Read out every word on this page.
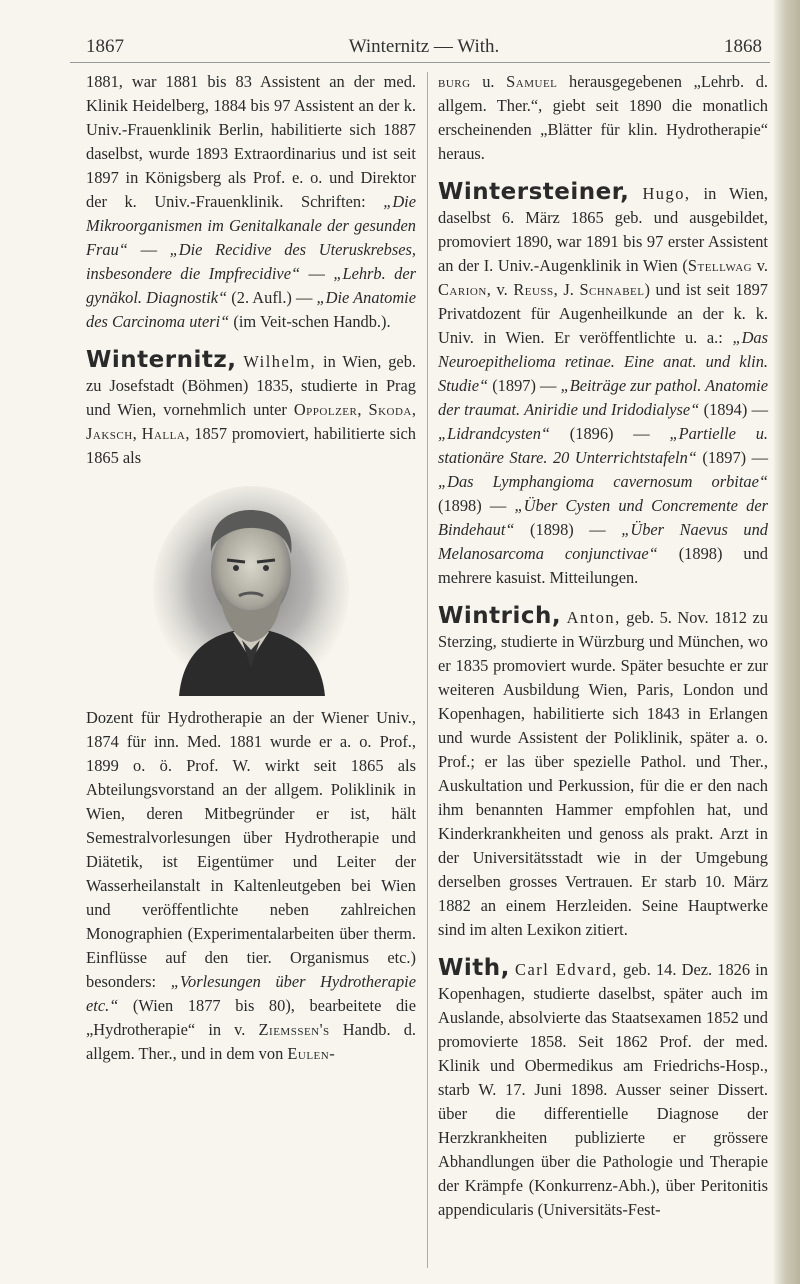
1867	Winternitz — With.	1868

1881, war 1881 bis 83 Assistent an der med. Klinik Heidelberg, 1884 bis 97 Assistent an der k. Univ.-Frauenklinik Berlin, habilitierte sich 1887 daselbst, wurde 1893 Extraordinarius und ist seit 1897 in Königsberg als Prof. e. o. und Direktor der k. Univ.-Frauenklinik. Schriften: „Die Mikroorganismen im Genitalkanale der gesunden Frau“ — „Die Recidive des Uteruskrebses, insbesondere die Impfrecidive“ — „Lehrb. der gynäkol. Diagnostik“ (2. Aufl.) — „Die Anatomie des Carcinoma uteri“ (im Veit-schen Handb.).

Winternitz, Wilhelm, in Wien, geb. zu Josefstadt (Böhmen) 1835, studierte in Prag und Wien, vornehmlich unter Oppolzer, Skoda, Jaksch, Halla, 1857 promoviert, habilitierte sich 1865 als

Dozent für Hydrotherapie an der Wiener Univ., 1874 für inn. Med. 1881 wurde er a. o. Prof., 1899 o. ö. Prof. W. wirkt seit 1865 als Abteilungsvorstand an der allgem. Poliklinik in Wien, deren Mitbegründer er ist, hält Semestralvorlesungen über Hydrotherapie und Diätetik, ist Eigentümer und Leiter der Wasserheilanstalt in Kaltenleutgeben bei Wien und veröffentlichte neben zahlreichen Monographien (Experimentalarbeiten über therm. Einflüsse auf den tier. Organismus etc.) besonders: „Vorlesungen über Hydrotherapie etc.“ (Wien 1877 bis 80), bearbeitete die „Hydrotherapie“ in v. Ziemssen's Handb. d. allgem. Ther., und in dem von Eulen-

burg u. Samuel herausgegebenen „Lehrb. d. allgem. Ther.“, giebt seit 1890 die monatlich erscheinenden „Blätter für klin. Hydrotherapie“ heraus.

Wintersteiner, Hugo, in Wien, daselbst 6. März 1865 geb. und ausgebildet, promoviert 1890, war 1891 bis 97 erster Assistent an der I. Univ.-Augenklinik in Wien (Stellwag v. Carion, v. Reuss, J. Schnabel) und ist seit 1897 Privatdozent für Augenheilkunde an der k. k. Univ. in Wien. Er veröffentlichte u. a.: „Das Neuroepithelioma retinae. Eine anat. und klin. Studie“ (1897) — „Beiträge zur pathol. Anatomie der traumat. Aniridie und Iridodialyse“ (1894) — „Lidrandcysten“ (1896) — „Partielle u. stationäre Stare. 20 Unterrichtstafeln“ (1897) — „Das Lymphangioma cavernosum orbitae“ (1898) — „Über Cysten und Concremente der Bindehaut“ (1898) — „Über Naevus und Melanosarcoma conjunctivae“ (1898) und mehrere kasuist. Mitteilungen.

Wintrich, Anton, geb. 5. Nov. 1812 zu Sterzing, studierte in Würzburg und München, wo er 1835 promoviert wurde. Später besuchte er zur weiteren Ausbildung Wien, Paris, London und Kopenhagen, habilitierte sich 1843 in Erlangen und wurde Assistent der Poliklinik, später a. o. Prof.; er las über spezielle Pathol. und Ther., Auskultation und Perkussion, für die er den nach ihm benannten Hammer empfohlen hat, und Kinderkrankheiten und genoss als prakt. Arzt in der Universitätsstadt wie in der Umgebung derselben grosses Vertrauen. Er starb 10. März 1882 an einem Herzleiden. Seine Hauptwerke sind im alten Lexikon zitiert.

With, Carl Edvard, geb. 14. Dez. 1826 in Kopenhagen, studierte daselbst, später auch im Auslande, absolvierte das Staatsexamen 1852 und promovierte 1858. Seit 1862 Prof. der med. Klinik und Obermedikus am Friedrichs-Hosp., starb W. 17. Juni 1898. Ausser seiner Dissert. über die differentielle Diagnose der Herzkrankheiten publizierte er grössere Abhandlungen über die Pathologie und Therapie der Krämpfe (Konkurrenz-Abh.), über Peritonitis appendicularis (Universitäts-Fest-
